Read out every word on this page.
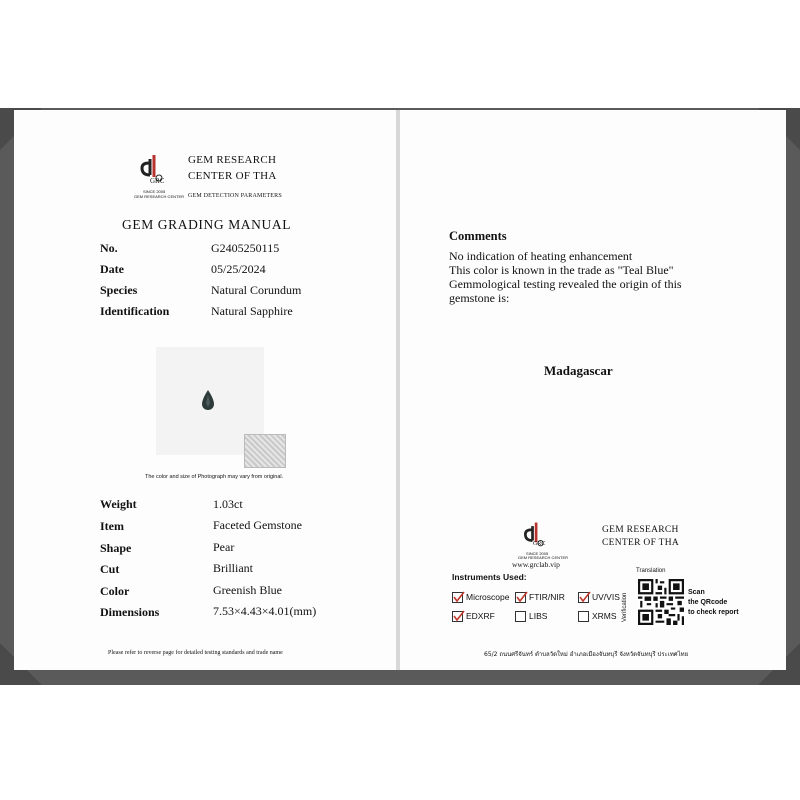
GRC
SINCE 2005
GEM RESEARCH CENTER
GEM RESEARCH
CENTER OF THA
GEM DETECTION PARAMETERS
GEM GRADING MANUAL
No.	G2405250115
Date	05/25/2024
Species	Natural Corundum
Identification	Natural Sapphire
The color and size of Photograph may vary from original.
Weight	1.03ct
Item	Faceted Gemstone
Shape	Pear
Cut	Brilliant
Color	Greenish Blue
Dimensions	7.53×4.43×4.01(mm)
Please refer to reverse page for detailed testing standards and trade name
Comments
No indication of heating enhancement
This color is known in the trade as "Teal Blue"
Gemmological testing revealed the origin of this
gemstone is:
Madagascar
GRC
SINCE 2005
GEM RESEARCH CENTER
www.grclab.vip
GEM RESEARCH
CENTER OF THA
Instruments Used:
Microscope FTIR/NIR	UV/VIS
EDXRF	LIBS	XRMS
Translation
Verification
Scan
the QRcode
to check report
65/2 ถนนศรีจันทร์ ตำบลวัดใหม่ อำเภอเมืองจันทบุรี จังหวัดจันทบุรี ประเทศไทย
